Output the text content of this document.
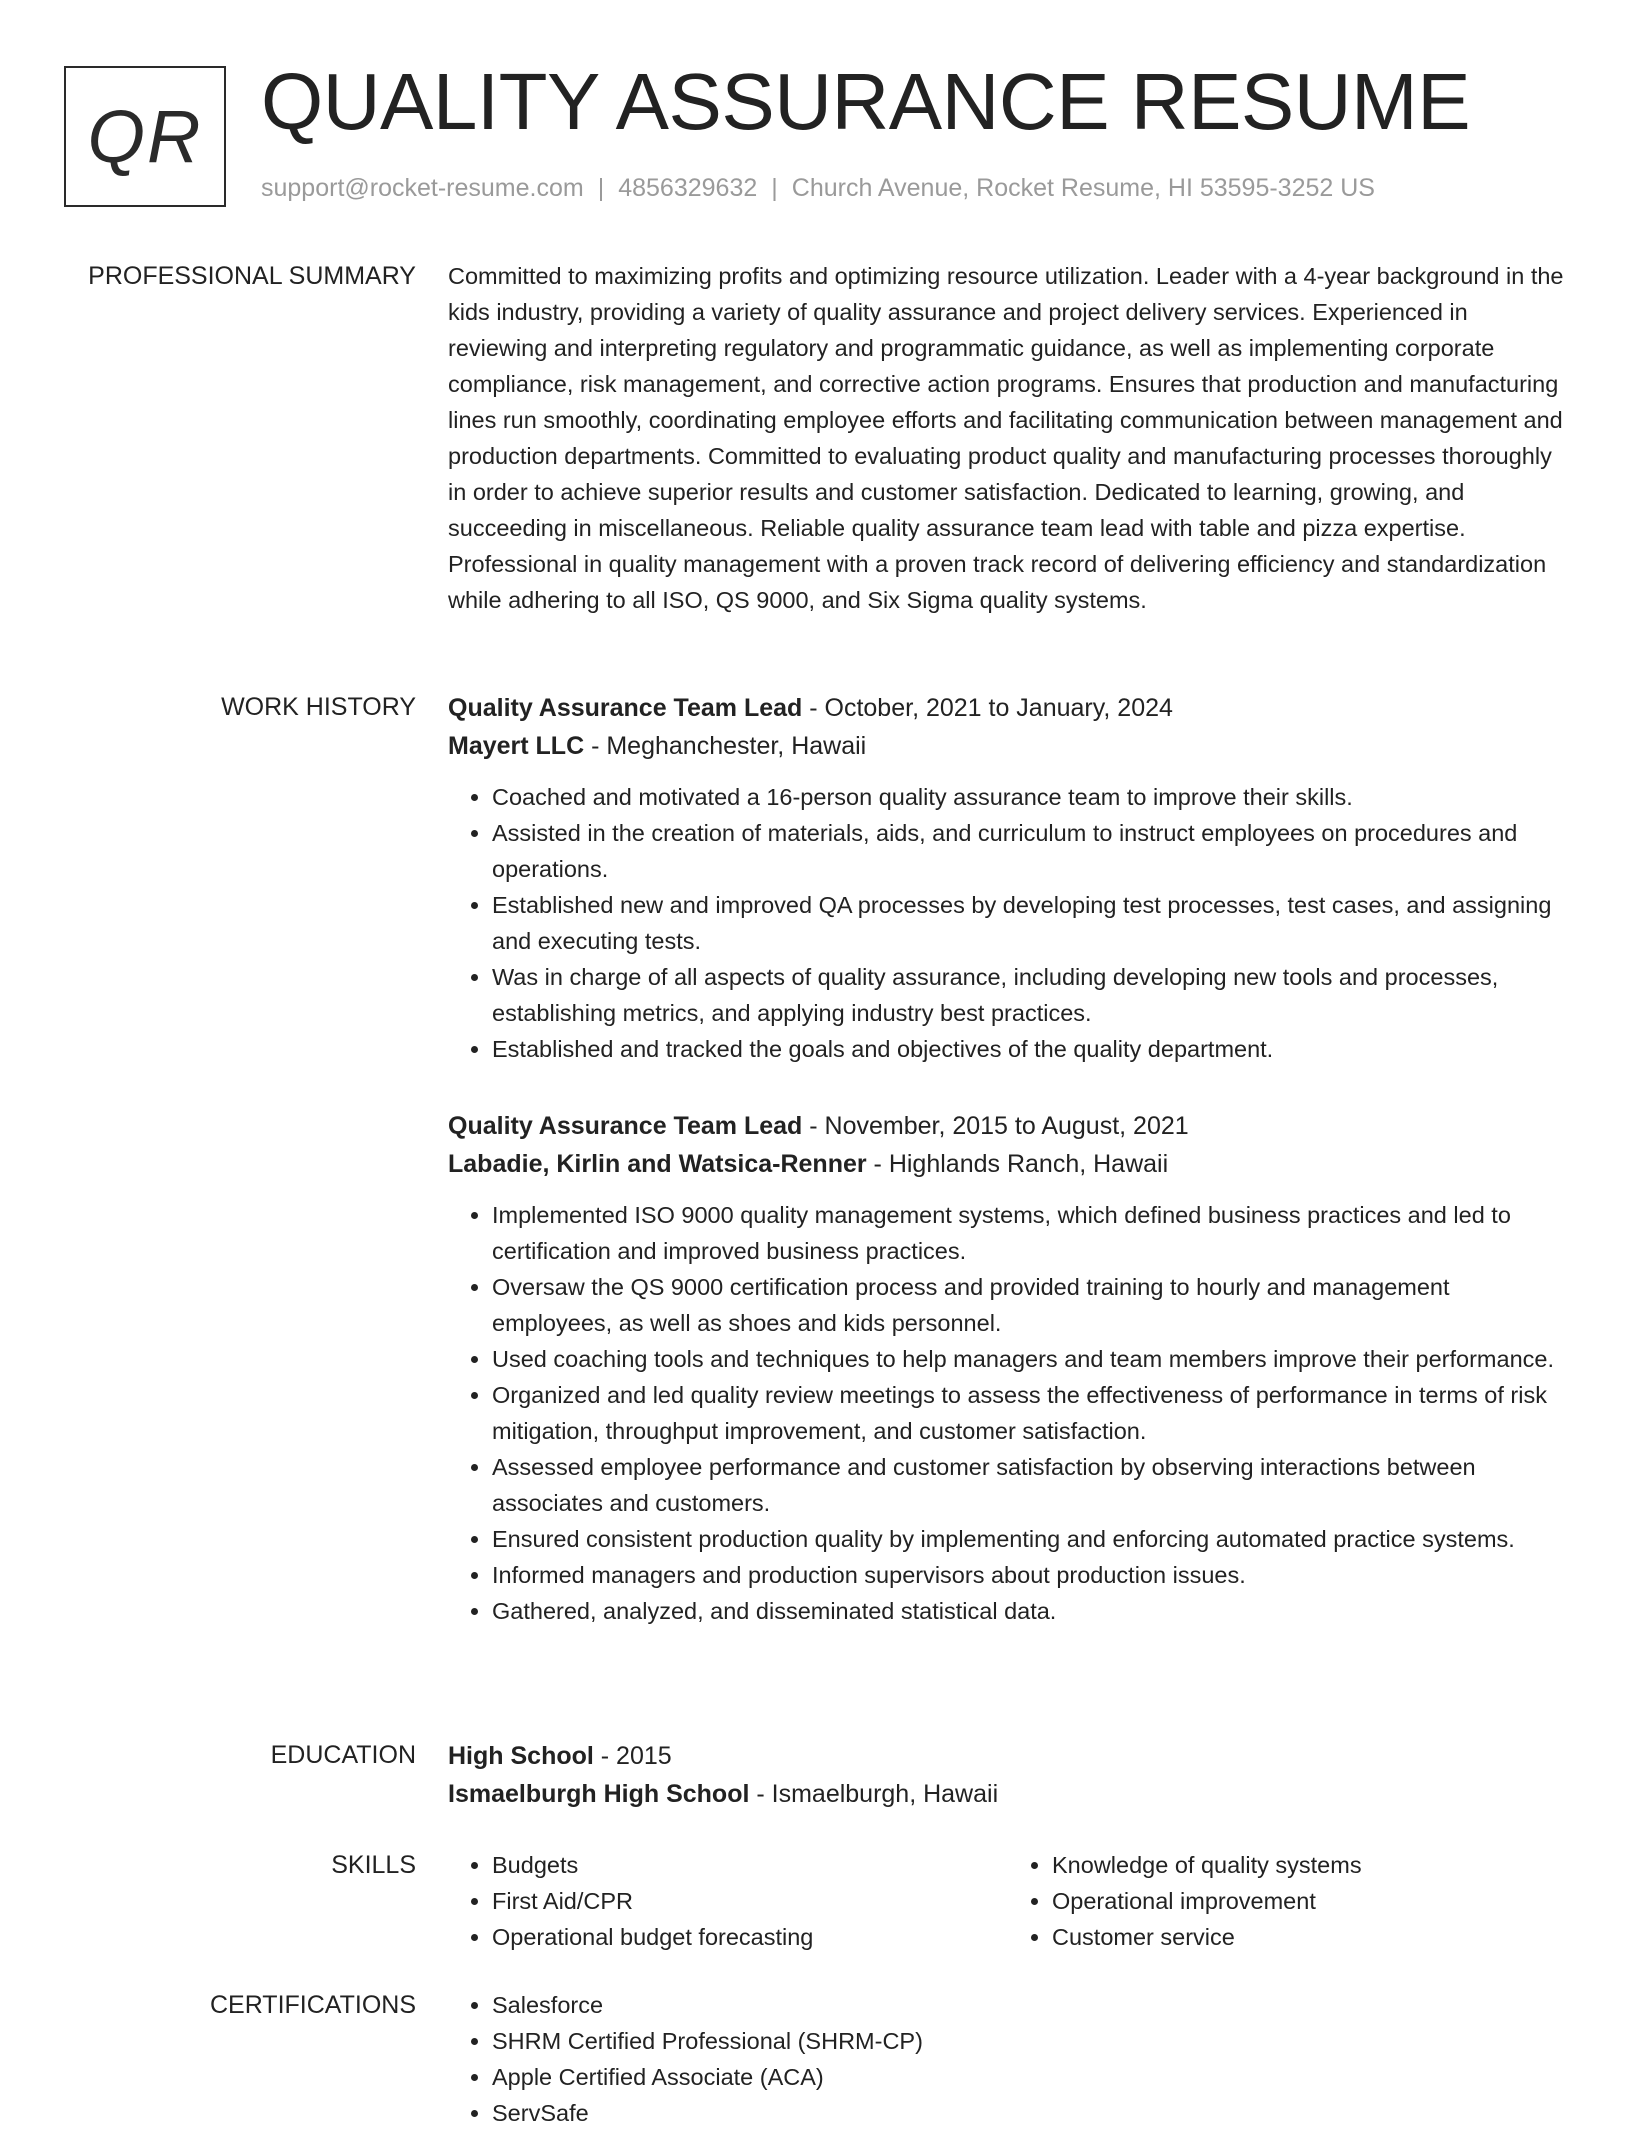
QR QUALITY ASSURANCE RESUME
support@rocket-resume.com | 4856329632 | Church Avenue, Rocket Resume, HI 53595-3252 US
PROFESSIONAL SUMMARY Committed to maximizing profits and optimizing resource utilization. Leader with a 4-year background in the kids industry, providing a variety of quality assurance and project delivery services. Experienced in reviewing and interpreting regulatory and programmatic guidance, as well as implementing corporate compliance, risk management, and corrective action programs. Ensures that production and manufacturing lines run smoothly, coordinating employee efforts and facilitating communication between management and production departments. Committed to evaluating product quality and manufacturing processes thoroughly in order to achieve superior results and customer satisfaction. Dedicated to learning, growing, and succeeding in miscellaneous. Reliable quality assurance team lead with table and pizza expertise. Professional in quality management with a proven track record of delivering efficiency and standardization while adhering to all ISO, QS 9000, and Six Sigma quality systems.

WORK HISTORY Quality Assurance Team Lead - October, 2021 to January, 2024
Mayert LLC - Meghanchester, Hawaii
• Coached and motivated a 16-person quality assurance team to improve their skills.
• Assisted in the creation of materials, aids, and curriculum to instruct employees on procedures and operations.
• Established new and improved QA processes by developing test processes, test cases, and assigning and executing tests.
• Was in charge of all aspects of quality assurance, including developing new tools and processes, establishing metrics, and applying industry best practices.
• Established and tracked the goals and objectives of the quality department.
Quality Assurance Team Lead - November, 2015 to August, 2021
Labadie, Kirlin and Watsica-Renner - Highlands Ranch, Hawaii
• Implemented ISO 9000 quality management systems, which defined business practices and led to certification and improved business practices.
• Oversaw the QS 9000 certification process and provided training to hourly and management employees, as well as shoes and kids personnel.
• Used coaching tools and techniques to help managers and team members improve their performance.
• Organized and led quality review meetings to assess the effectiveness of performance in terms of risk mitigation, throughput improvement, and customer satisfaction.
• Assessed employee performance and customer satisfaction by observing interactions between associates and customers.
• Ensured consistent production quality by implementing and enforcing automated practice systems.
• Informed managers and production supervisors about production issues.
• Gathered, analyzed, and disseminated statistical data.
EDUCATION High School - 2015
Ismaelburgh High School - Ismaelburgh, Hawaii
SKILLS	• Budgets
• First Aid/CPR
• Operational budget forecasting
• Knowledge of quality systems
• Operational improvement
• Customer service
CERTIFICATIONS	• Salesforce
• SHRM Certified Professional (SHRM-CP)
• Apple Certified Associate (ACA)
• ServSafe
